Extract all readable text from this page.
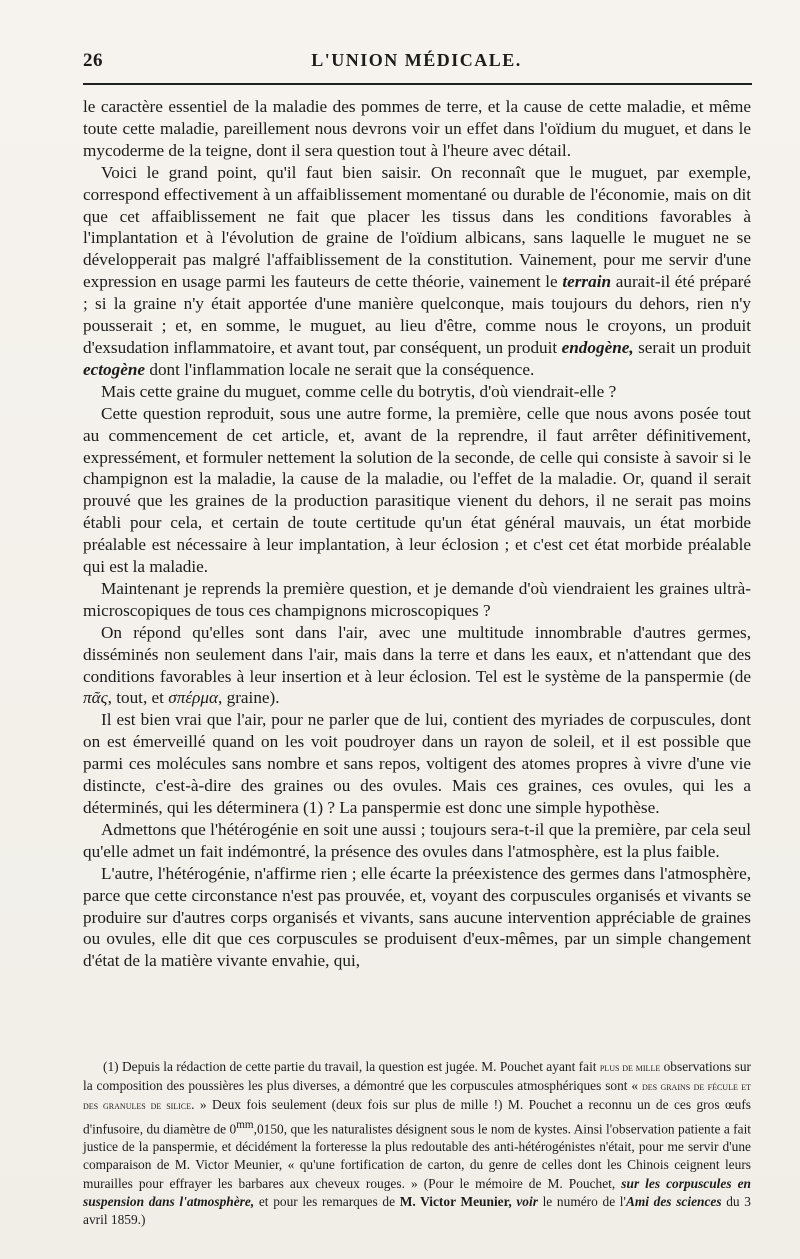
26	L'UNION MÉDICALE.

le caractère essentiel de la maladie des pommes de terre, et la cause de cette maladie, et même toute cette maladie, pareillement nous devrons voir un effet dans l'oïdium du muguet, et dans le mycoderme de la teigne, dont il sera question tout à l'heure avec détail.

Voici le grand point, qu'il faut bien saisir. On reconnaît que le muguet, par exemple, correspond effectivement à un affaiblissement momentané ou durable de l'économie, mais on dit que cet affaiblissement ne fait que placer les tissus dans les conditions favorables à l'implantation et à l'évolution de graine de l'oïdium albicans, sans laquelle le muguet ne se développerait pas malgré l'affaiblissement de la constitution. Vainement, pour me servir d'une expression en usage parmi les fauteurs de cette théorie, vainement le terrain aurait-il été préparé ; si la graine n'y était apportée d'une manière quelconque, mais toujours du dehors, rien n'y pousserait ; et, en somme, le muguet, au lieu d'être, comme nous le croyons, un produit d'exsudation inflammatoire, et avant tout, par conséquent, un produit endogène, serait un produit ectogène dont l'inflammation locale ne serait que la conséquence.

Mais cette graine du muguet, comme celle du botrytis, d'où viendrait-elle ?

Cette question reproduit, sous une autre forme, la première, celle que nous avons posée tout au commencement de cet article, et, avant de la reprendre, il faut arrêter définitivement, expressément, et formuler nettement la solution de la seconde, de celle qui consiste à savoir si le champignon est la maladie, la cause de la maladie, ou l'effet de la maladie. Or, quand il serait prouvé que les graines de la production parasitique vienent du dehors, il ne serait pas moins établi pour cela, et certain de toute certitude qu'un état général mauvais, un état morbide préalable est nécessaire à leur implantation, à leur éclosion ; et c'est cet état morbide préalable qui est la maladie.

Maintenant je reprends la première question, et je demande d'où viendraient les graines ultrà-microscopiques de tous ces champignons microscopiques ?

On répond qu'elles sont dans l'air, avec une multitude innombrable d'autres germes, disséminés non seulement dans l'air, mais dans la terre et dans les eaux, et n'attendant que des conditions favorables à leur insertion et à leur éclosion. Tel est le système de la panspermie (de πᾶς, tout, et σπέρμα, graine).

Il est bien vrai que l'air, pour ne parler que de lui, contient des myriades de corpuscules, dont on est émerveillé quand on les voit poudroyer dans un rayon de soleil, et il est possible que parmi ces molécules sans nombre et sans repos, voltigent des atomes propres à vivre d'une vie distincte, c'est-à-dire des graines ou des ovules. Mais ces graines, ces ovules, qui les a déterminés, qui les déterminera (1) ? La panspermie est donc une simple hypothèse.

Admettons que l'hétérogénie en soit une aussi ; toujours sera-t-il que la première, par cela seul qu'elle admet un fait indémontré, la présence des ovules dans l'atmosphère, est la plus faible.

L'autre, l'hétérogénie, n'affirme rien ; elle écarte la préexistence des germes dans l'atmosphère, parce que cette circonstance n'est pas prouvée, et, voyant des corpuscules organisés et vivants se produire sur d'autres corps organisés et vivants, sans aucune intervention appréciable de graines ou ovules, elle dit que ces corpuscules se produisent d'eux-mêmes, par un simple changement d'état de la matière vivante envahie, qui,

(1) Depuis la rédaction de cette partie du travail, la question est jugée. M. Pouchet ayant fait plus de mille observations sur la composition des poussières les plus diverses, a démontré que les corpuscules atmosphériques sont « des grains de fécule et des granules de silice. » Deux fois seulement (deux fois sur plus de mille !) M. Pouchet a reconnu un de ces gros œufs d'infusoire, du diamètre de $0^{mm},0150$, que les naturalistes désignent sous le nom de kystes. Ainsi l'observation patiente a fait justice de la panspermie, et décidément la forteresse la plus redoutable des anti-hétérogénistes n'était, pour me servir d'une comparaison de M. Victor Meunier, « qu'une fortification de carton, du genre de celles dont les Chinois ceignent leurs murailles pour effrayer les barbares aux cheveux rouges. » (Pour le mémoire de M. Pouchet, sur les corpuscules en suspension dans l'atmosphère, et pour les remarques de M. Victor Meunier, voir le numéro de l'Ami des sciences du 3 avril 1859.)
